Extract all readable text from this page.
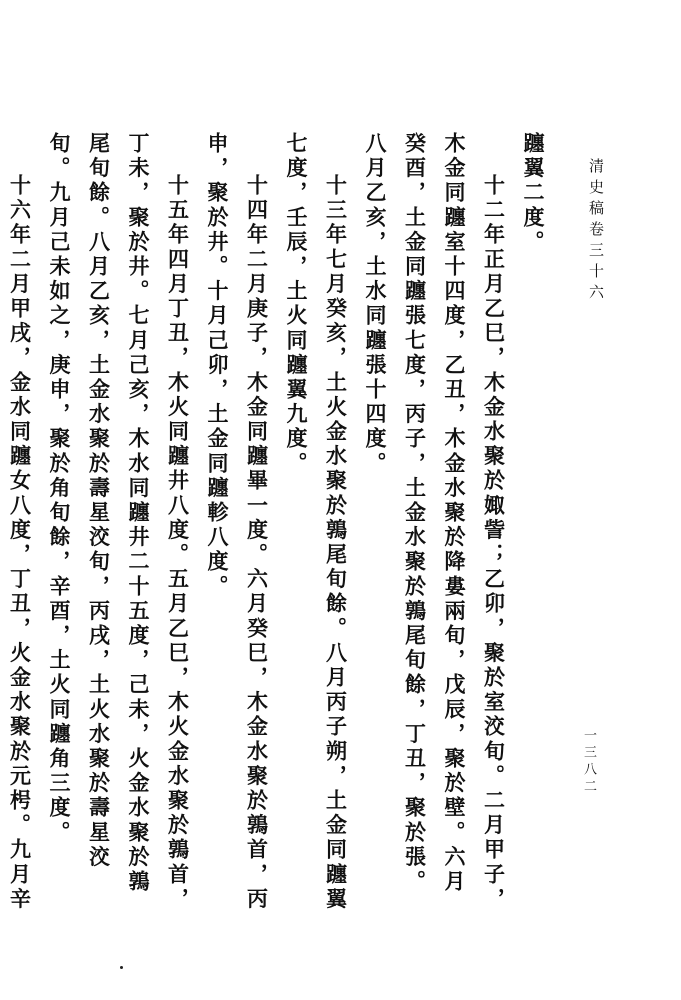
清史稿卷三十六
一三八二

躔翼二度。

十二年正月乙巳，木金水聚於娵訾；乙卯，聚於室洨旬。二月甲子，木金同躔室十四度，乙丑，木金水聚於降婁兩旬，戊辰，聚於壁。六月癸酉，土金同躔張七度，丙子，土金水聚於鶉尾旬餘，丁丑，聚於張。八月乙亥，土水同躔張十四度。

十三年七月癸亥，土火金水聚於鶉尾旬餘。八月丙子朔，土金同躔翼七度，壬辰，土火同躔翼九度。

十四年二月庚子，木金同躔畢一度。六月癸巳，木金水聚於鶉首，丙申，聚於井。十月己卯，土金同躔軫八度。

十五年四月丁丑，木火同躔井八度。五月乙巳，木火金水聚於鶉首，丁未，聚於井。七月己亥，木水同躔井二十五度，己未，火金水聚於鶉尾旬餘。八月乙亥，土金水聚於壽星洨旬，丙戌，土火水聚於壽星洨旬。九月己未如之，庚申，聚於角旬餘，辛酉，土火同躔角三度。

十六年二月甲戌，金水同躔女八度，丁丑，火金水聚於元枵。九月辛
